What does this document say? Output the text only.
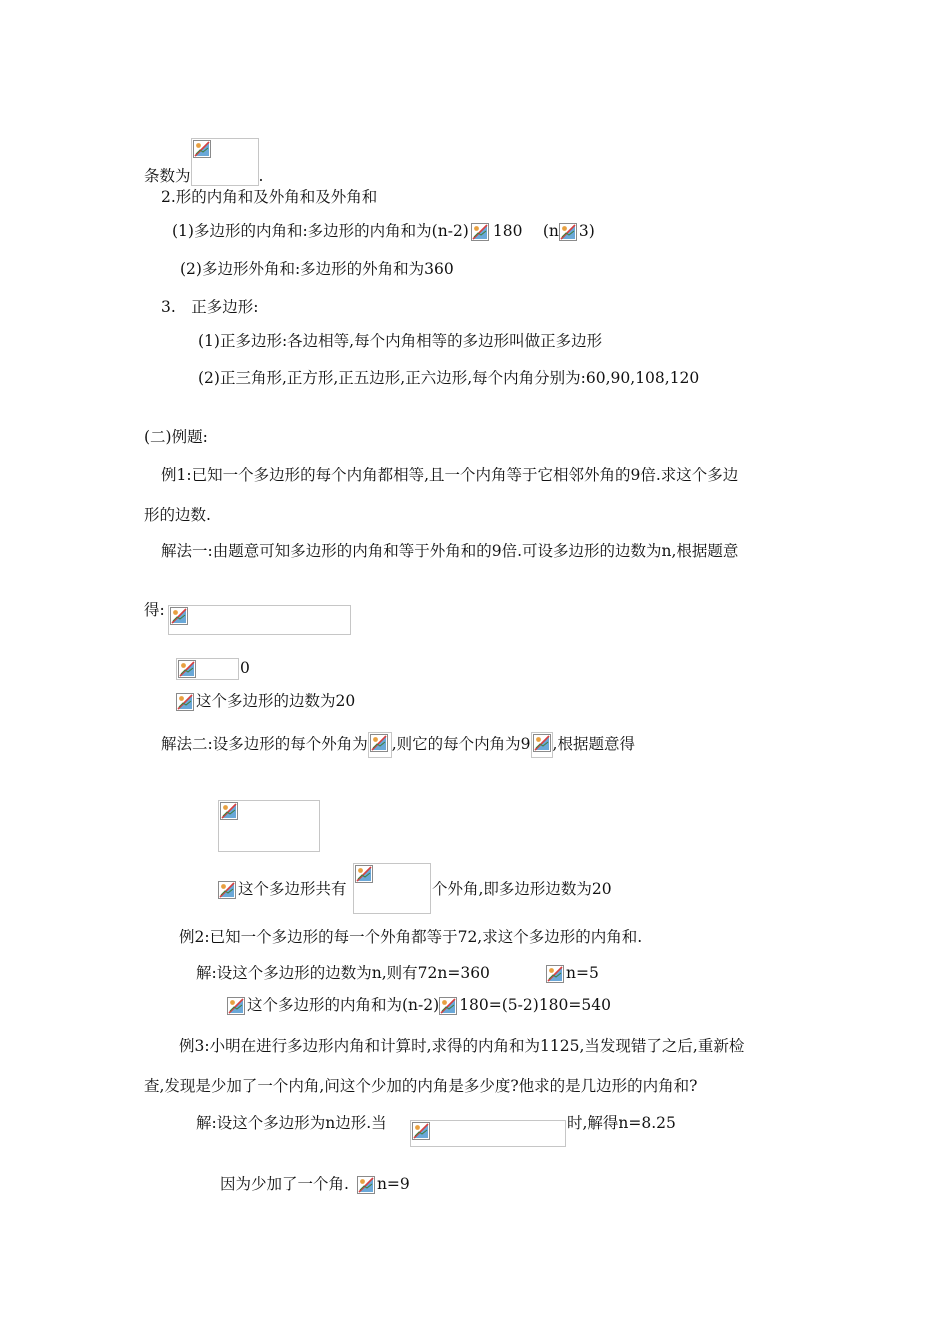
条数为	.
2.形的内角和及外角和及外角和
(1)多边形的内角和:多边形的内角和为(n-2) 180　 (n 3)
(2)多边形外角和:多边形的外角和为360
3.　正多边形:
(1)正多边形:各边相等,每个内角相等的多边形叫做正多边形
(2)正三角形,正方形,正五边形,正六边形,每个内角分别为:60,90,108,120
(二)例题:
例1:已知一个多边形的每个内角都相等,且一个内角等于它相邻外角的9倍.求这个多边
形的边数.
解法一:由题意可知多边形的内角和等于外角和的9倍.可设多边形的边数为n,根据题意
得:
0
这个多边形的边数为20
解法二:设多边形的每个外角为 ,则它的每个内角为9 ,根据题意得
这个多边形共有	个外角,即多边形边数为20
例2:已知一个多边形的每一个外角都等于72,求这个多边形的内角和.
解:设这个多边形的边数为n,则有72n=360	n=5
这个多边形的内角和为(n-2) 180=(5-2)180=540
例3:小明在进行多边形内角和计算时,求得的内角和为1125,当发现错了之后,重新检
查,发现是少加了一个内角,问这个少加的内角是多少度?他求的是几边形的内角和?
解:设这个多边形为n边形.当	时,解得n=8.25
因为少加了一个角. n=9
